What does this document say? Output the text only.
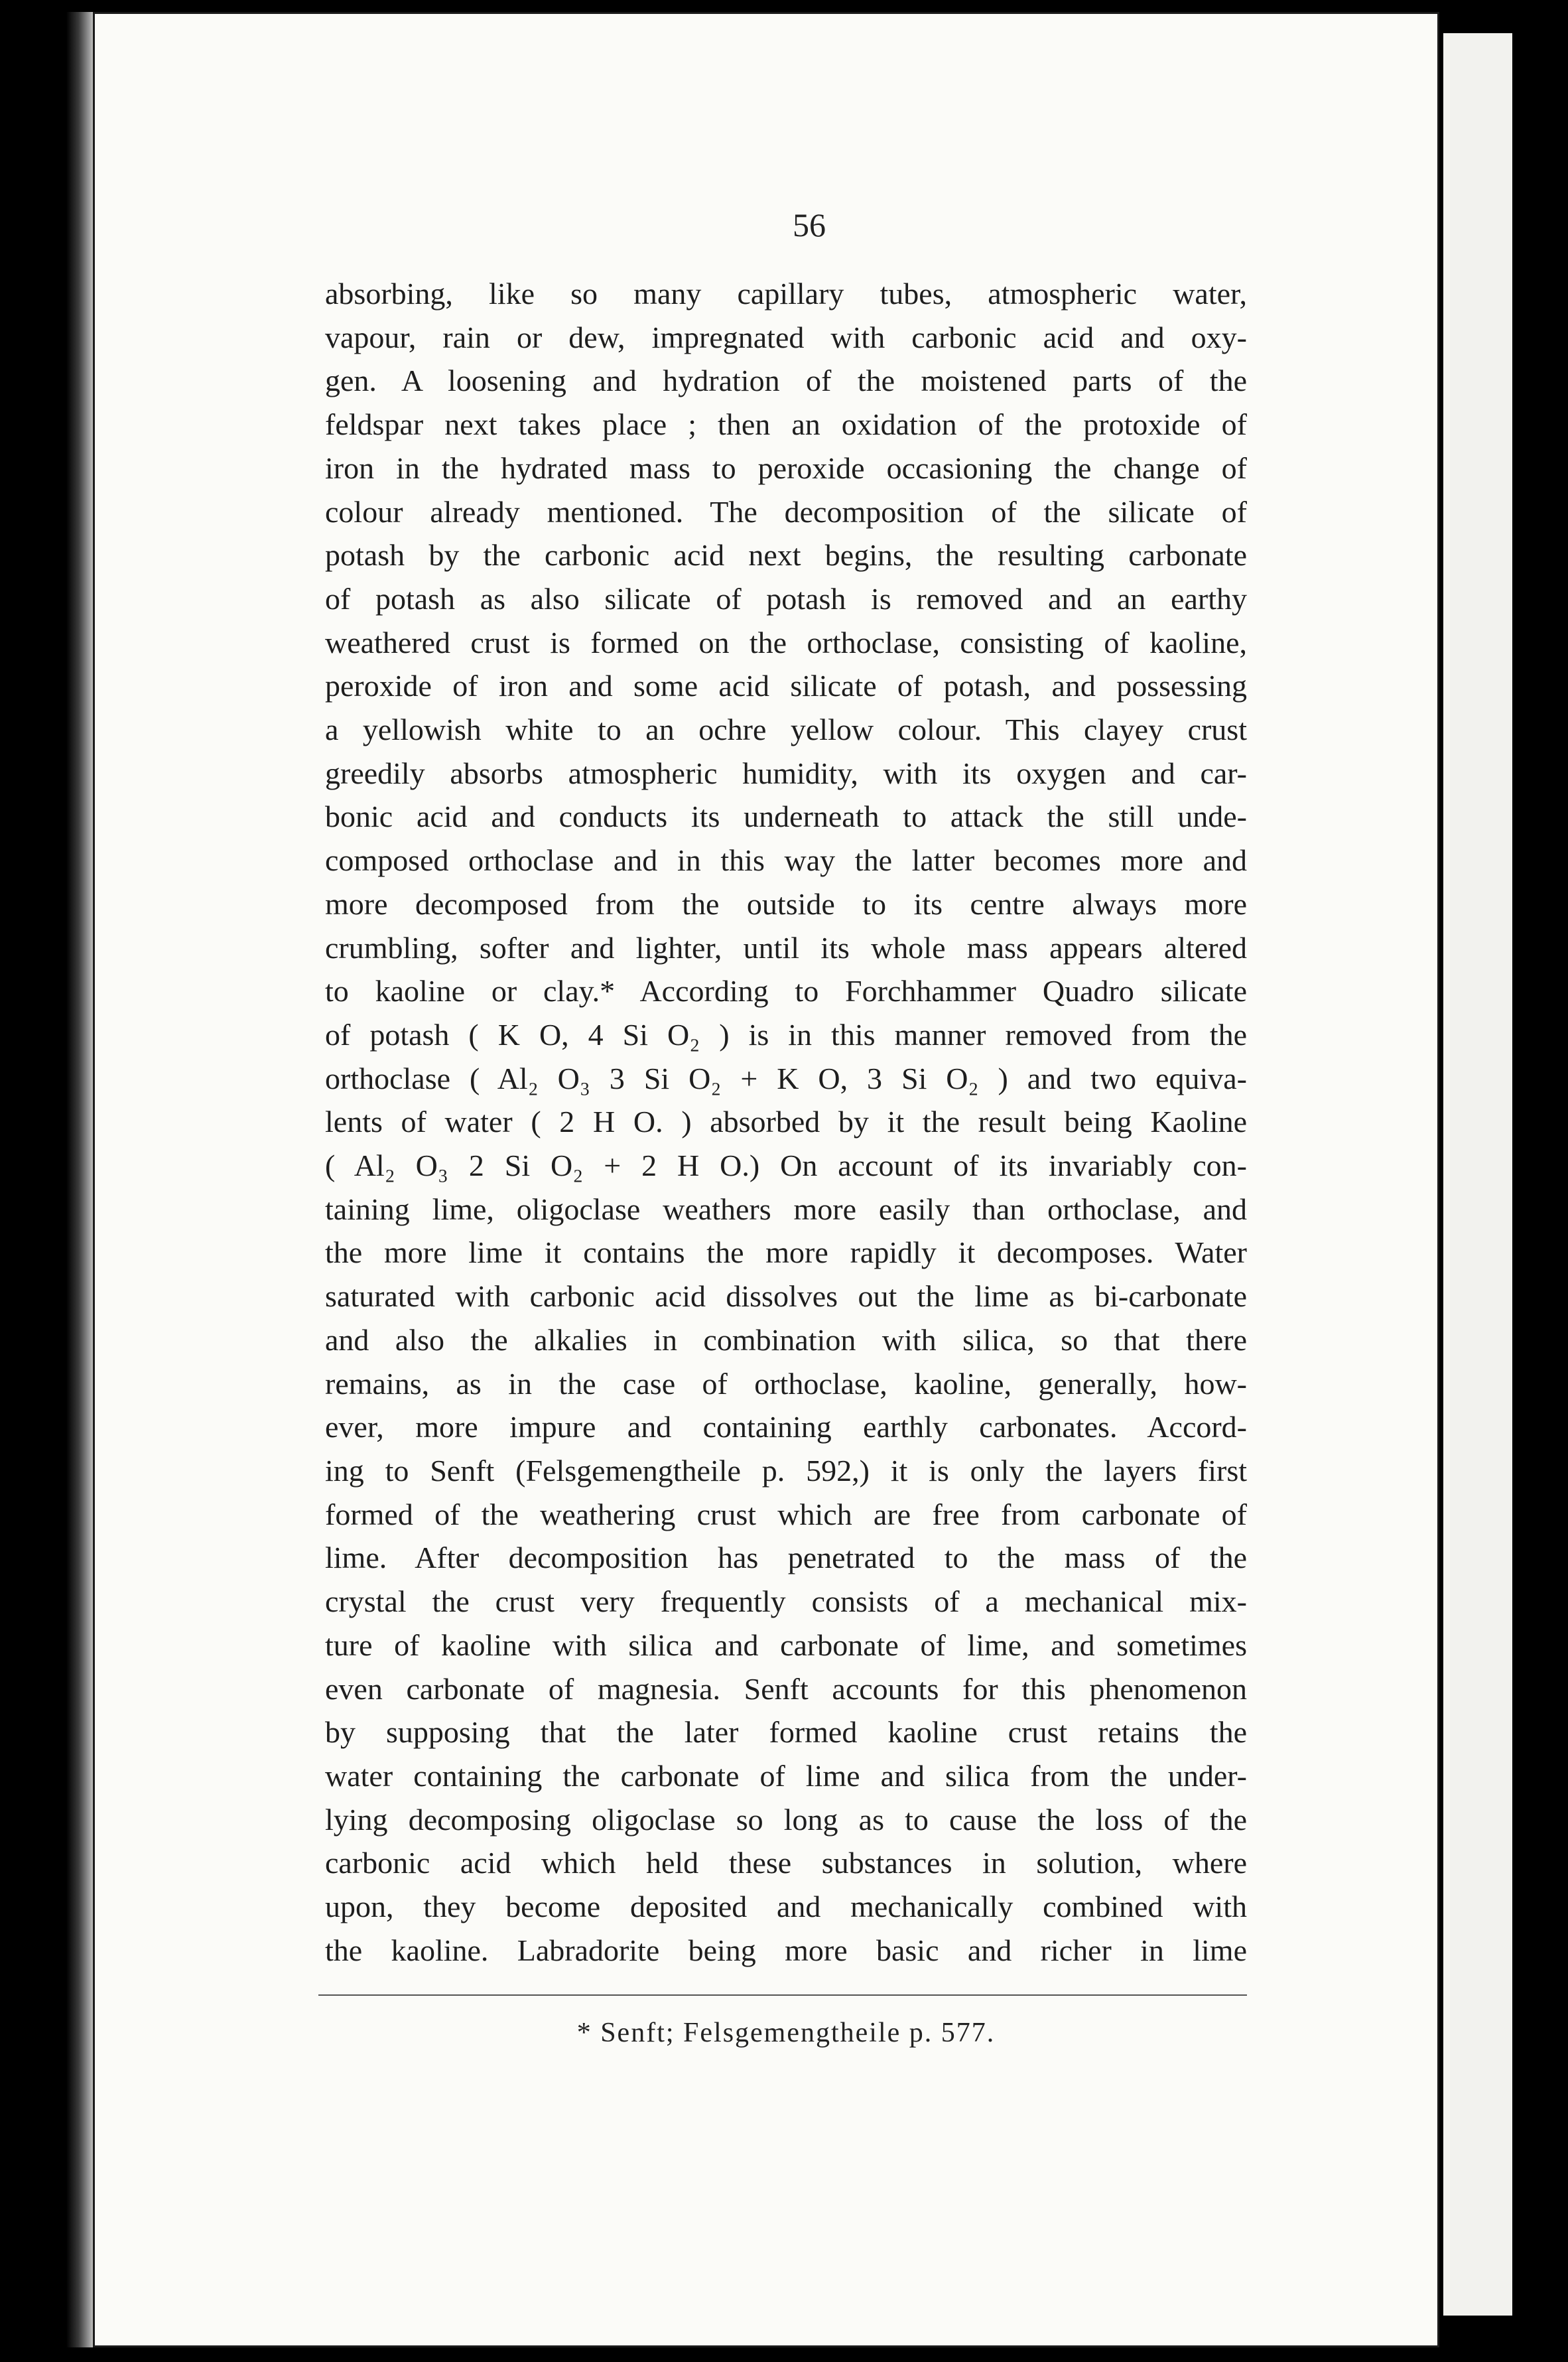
56
absorbing, like so many capillary tubes, atmospheric water,
vapour, rain or dew, impregnated with carbonic acid and oxy-
gen. A loosening and hydration of the moistened parts of the
feldspar next takes place ; then an oxidation of the protoxide of
iron in the hydrated mass to peroxide occasioning the change of
colour already mentioned. The decomposition of the silicate of
potash by the carbonic acid next begins, the resulting carbonate
of potash as also silicate of potash is removed and an earthy
weathered crust is formed on the orthoclase, consisting of kaoline,
peroxide of iron and some acid silicate of potash, and possessing
a yellowish white to an ochre yellow colour. This clayey crust
greedily absorbs atmospheric humidity, with its oxygen and car-
bonic acid and conducts its underneath to attack the still unde-
composed orthoclase and in this way the latter becomes more and
more decomposed from the outside to its centre always more
crumbling, softer and lighter, until its whole mass appears altered
to kaoline or clay.* According to Forchhammer Quadro silicate
of potash ( K O, 4 Si O₂ ) is in this manner removed from the
orthoclase ( Al₂ O₃ 3 Si O₂ + K O, 3 Si O₂ ) and two equiva-
lents of water ( 2 H O. ) absorbed by it the result being Kaoline
( Al₂ O₃ 2 Si O₂ + 2 H O.) On account of its invariably con-
taining lime, oligoclase weathers more easily than orthoclase, and
the more lime it contains the more rapidly it decomposes. Water
saturated with carbonic acid dissolves out the lime as bi-carbonate
and also the alkalies in combination with silica, so that there
remains, as in the case of orthoclase, kaoline, generally, how-
ever, more impure and containing earthly carbonates. Accord-
ing to Senft (Felsgemengtheile p. 592,) it is only the layers first
formed of the weathering crust which are free from carbonate of
lime. After decomposition has penetrated to the mass of the
crystal the crust very frequently consists of a mechanical mix-
ture of kaoline with silica and carbonate of lime, and sometimes
even carbonate of magnesia. Senft accounts for this phenomenon
by supposing that the later formed kaoline crust retains the
water containing the carbonate of lime and silica from the under-
lying decomposing oligoclase so long as to cause the loss of the
carbonic acid which held these substances in solution, where
upon, they become deposited and mechanically combined with
the kaoline. Labradorite being more basic and richer in lime
* Senft; Felsgemengtheile p. 577.
